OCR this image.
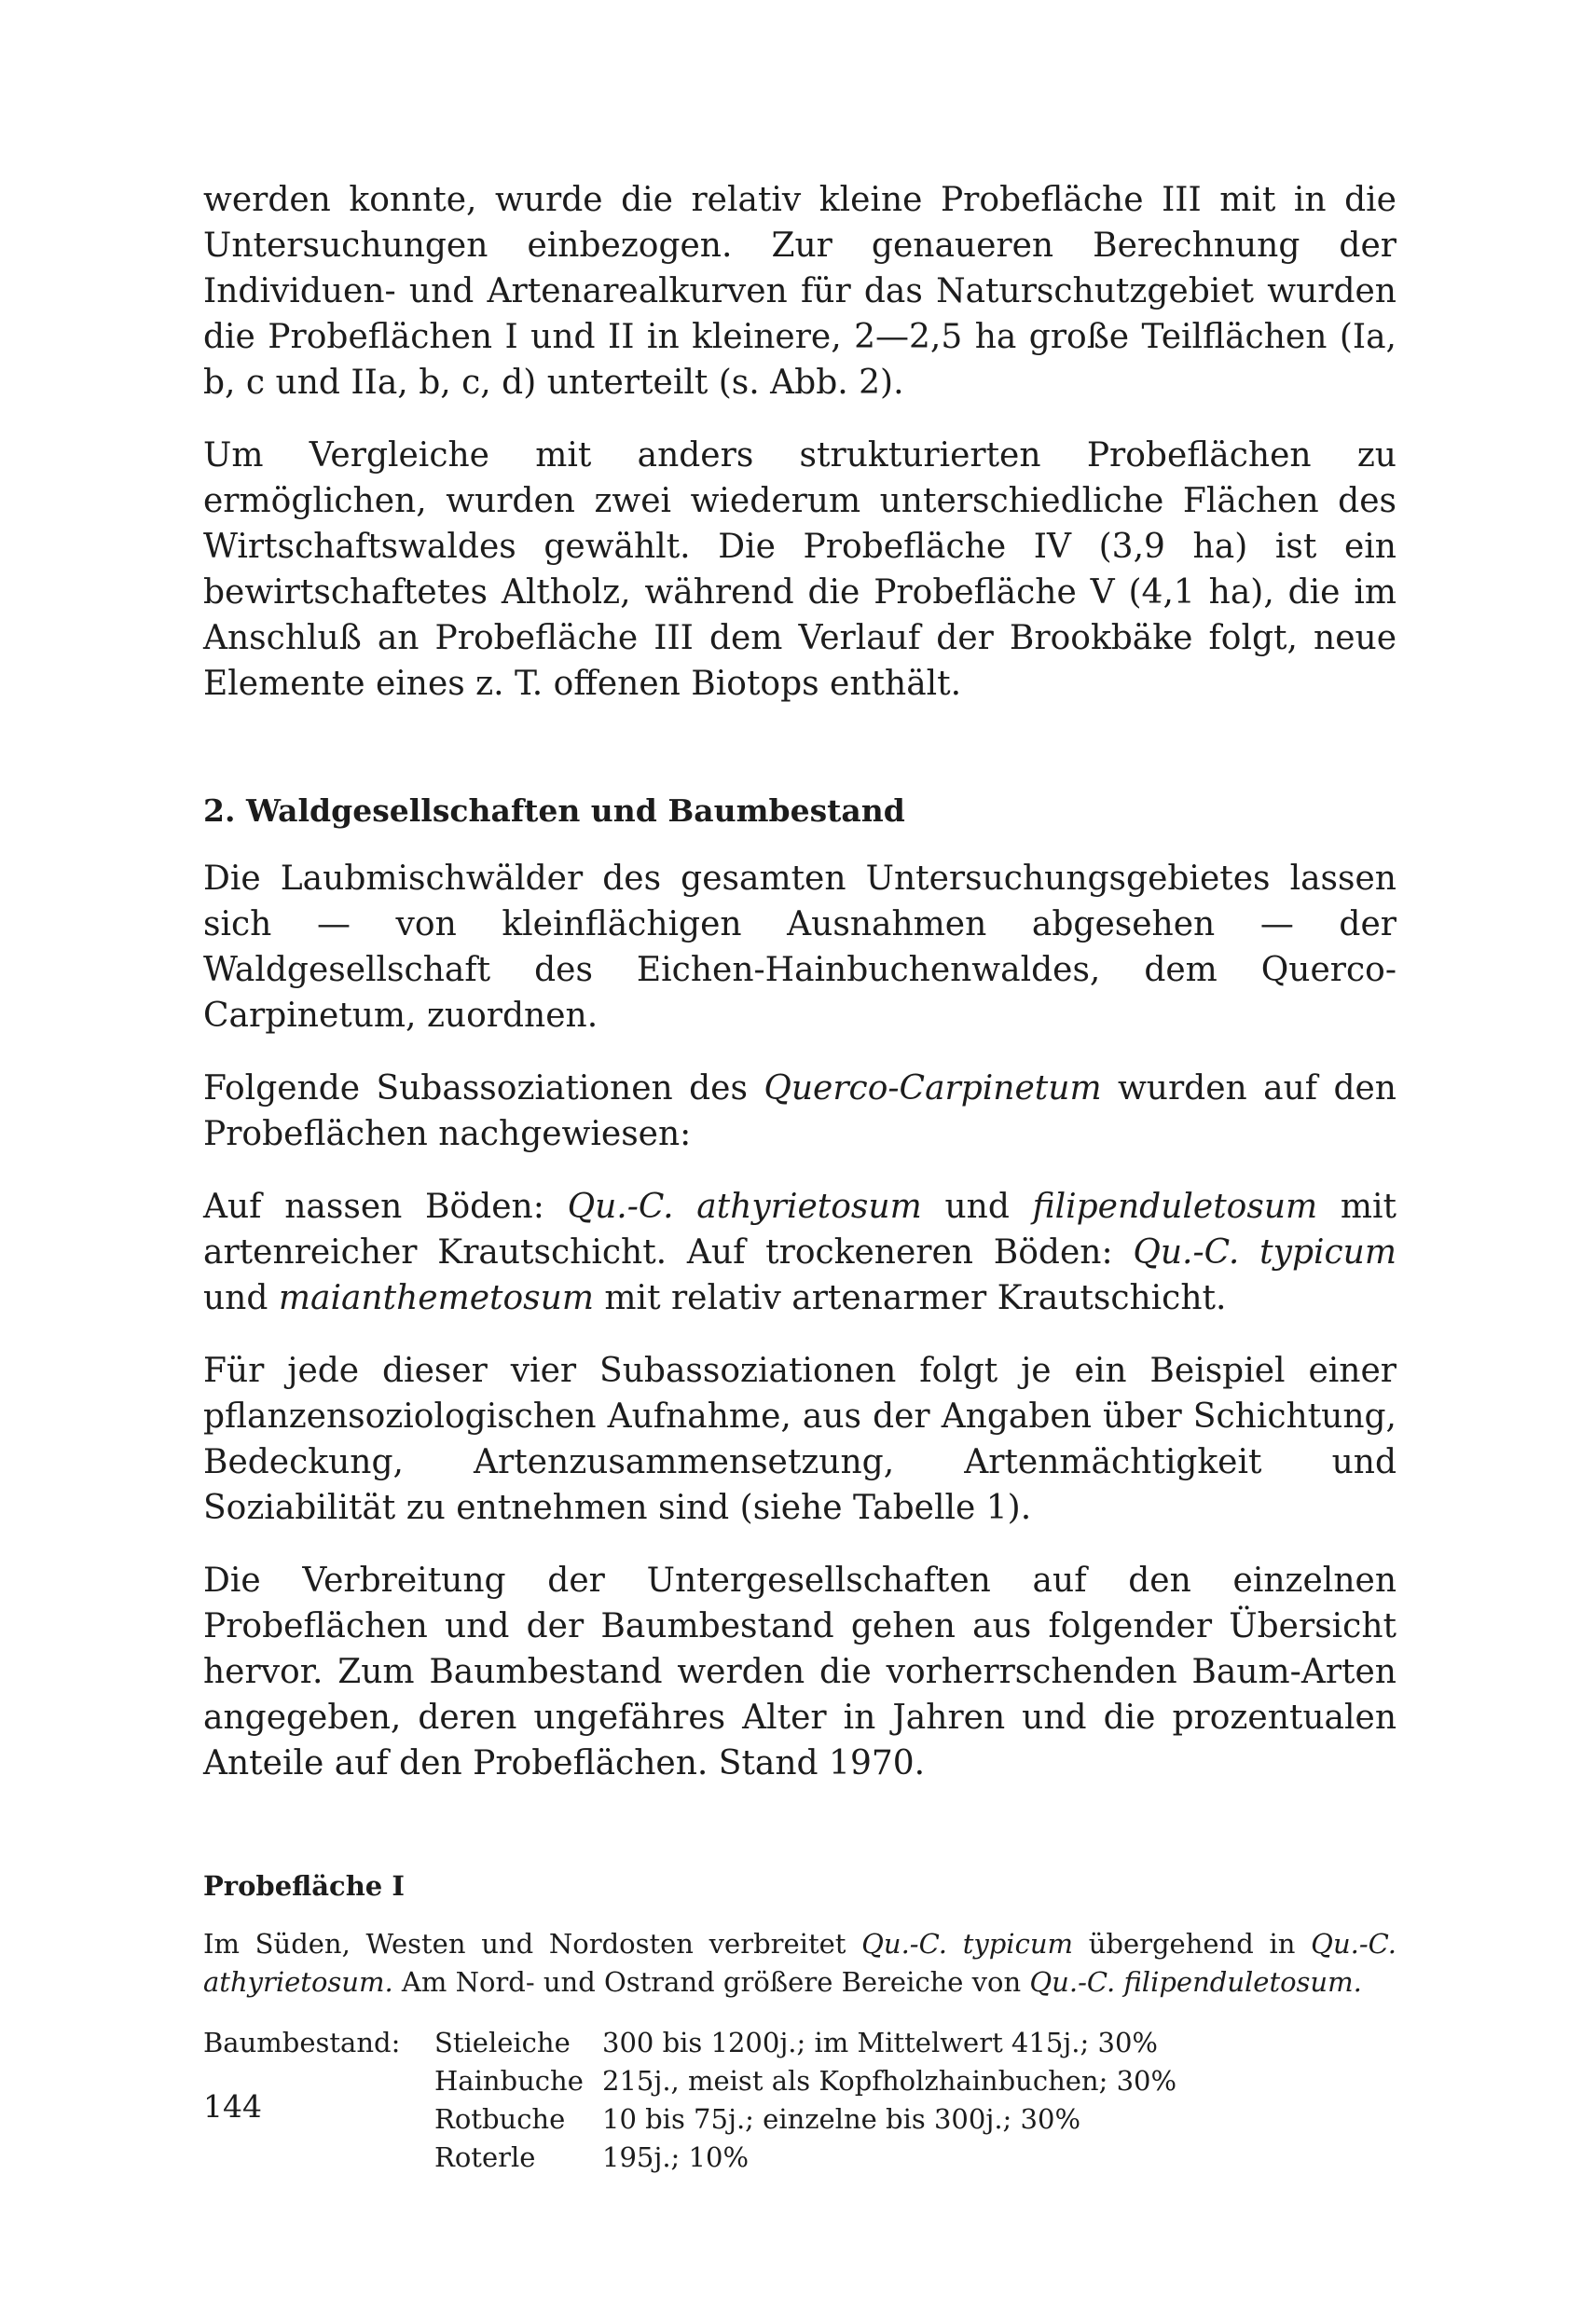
werden konnte, wurde die relativ kleine Probefläche III mit in die Untersuchungen einbezogen. Zur genaueren Berechnung der Individuen- und Artenarealkurven für das Naturschutzgebiet wurden die Probeflächen I und II in kleinere, 2—2,5 ha große Teilflächen (Ia, b, c und IIa, b, c, d) unterteilt (s. Abb. 2).

Um Vergleiche mit anders strukturierten Probeflächen zu ermöglichen, wurden zwei wiederum unterschiedliche Flächen des Wirtschaftswaldes gewählt. Die Probefläche IV (3,9 ha) ist ein bewirtschaftetes Altholz, während die Probefläche V (4,1 ha), die im Anschluß an Probefläche III dem Verlauf der Brookbäke folgt, neue Elemente eines z. T. offenen Biotops enthält.

2. Waldgesellschaften und Baumbestand

Die Laubmischwälder des gesamten Untersuchungsgebietes lassen sich — von kleinflächigen Ausnahmen abgesehen — der Waldgesellschaft des Eichen-Hainbuchenwaldes, dem Querco-Carpinetum, zuordnen.

Folgende Subassoziationen des Querco-Carpinetum wurden auf den Probeflächen nachgewiesen:

Auf nassen Böden: Qu.-C. athyrietosum und filipenduletosum mit artenreicher Krautschicht. Auf trockeneren Böden: Qu.-C. typicum und maianthemetosum mit relativ artenarmer Krautschicht.

Für jede dieser vier Subassoziationen folgt je ein Beispiel einer pflanzensoziologischen Aufnahme, aus der Angaben über Schichtung, Bedeckung, Artenzusammensetzung, Artenmächtigkeit und Soziabilität zu entnehmen sind (siehe Tabelle 1).

Die Verbreitung der Untergesellschaften auf den einzelnen Probeflächen und der Baumbestand gehen aus folgender Übersicht hervor. Zum Baumbestand werden die vorherrschenden Baum-Arten angegeben, deren ungefähres Alter in Jahren und die prozentualen Anteile auf den Probeflächen. Stand 1970.

Probefläche I

Im Süden, Westen und Nordosten verbreitet Qu.-C. typicum übergehend in Qu.-C. athyrietosum. Am Nord- und Ostrand größere Bereiche von Qu.-C. filipenduletosum.

Baumbestand:	Stieleiche	300 bis 1200j.; im Mittelwert 415j.; 30%
	Hainbuche	215j., meist als Kopfholzhainbuchen; 30%
	Rotbuche	10 bis 75j.; einzelne bis 300j.; 30%
	Roterle	195j.; 10%
144
